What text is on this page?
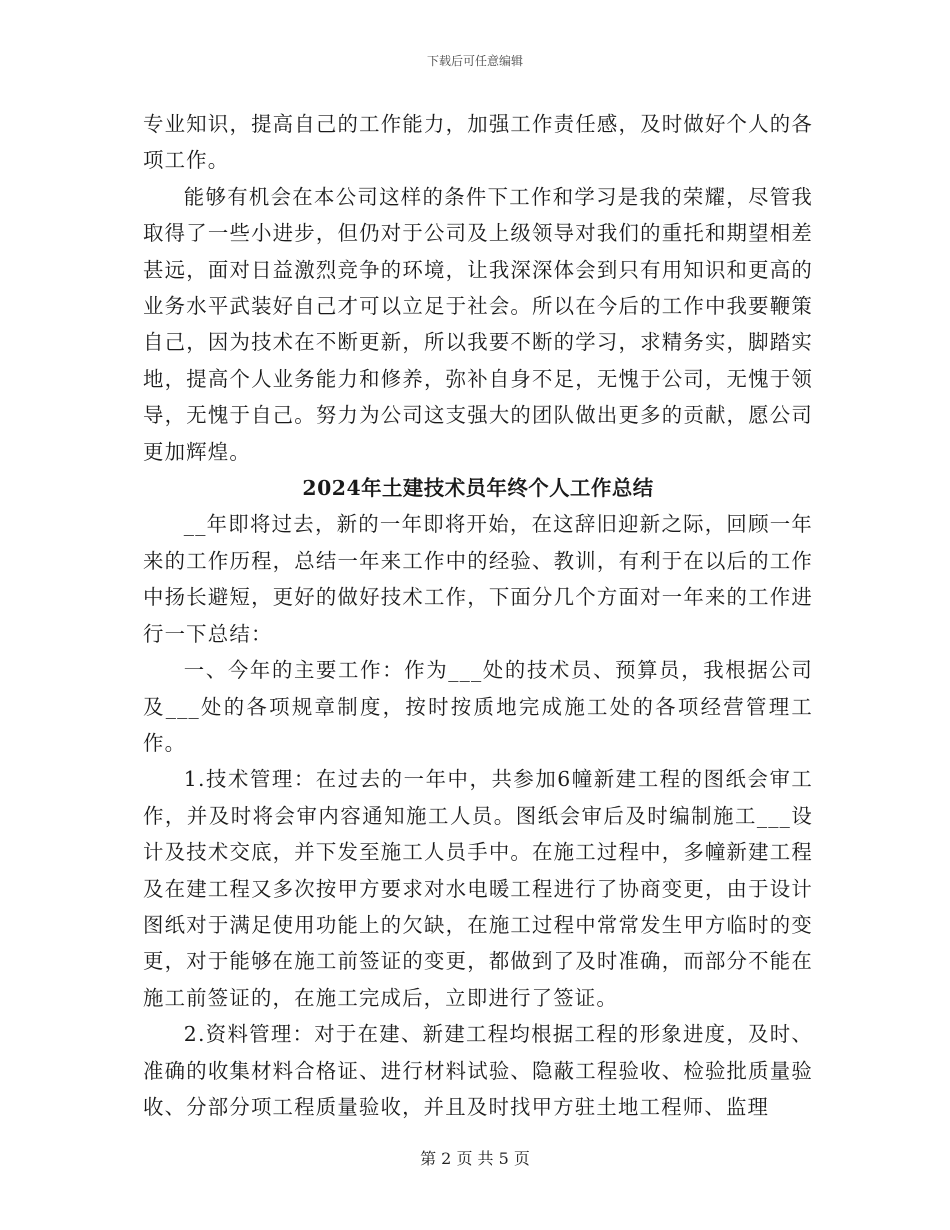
下载后可任意编辑

专业知识，提高自己的工作能力，加强工作责任感，及时做好个人的各项工作。

能够有机会在本公司这样的条件下工作和学习是我的荣耀，尽管我取得了一些小进步，但仍对于公司及上级领导对我们的重托和期望相差甚远，面对日益激烈竞争的环境，让我深深体会到只有用知识和更高的业务水平武装好自己才可以立足于社会。所以在今后的工作中我要鞭策自己，因为技术在不断更新，所以我要不断的学习，求精务实，脚踏实地，提高个人业务能力和修养，弥补自身不足，无愧于公司，无愧于领导，无愧于自己。努力为公司这支强大的团队做出更多的贡献，愿公司更加辉煌。

2024年土建技术员年终个人工作总结

__年即将过去，新的一年即将开始，在这辞旧迎新之际，回顾一年来的工作历程，总结一年来工作中的经验、教训，有利于在以后的工作中扬长避短，更好的做好技术工作，下面分几个方面对一年来的工作进行一下总结：

一、今年的主要工作：作为___处的技术员、预算员，我根据公司及___处的各项规章制度，按时按质地完成施工处的各项经营管理工作。

1.技术管理：在过去的一年中，共参加6幢新建工程的图纸会审工作，并及时将会审内容通知施工人员。图纸会审后及时编制施工___设计及技术交底，并下发至施工人员手中。在施工过程中，多幢新建工程及在建工程又多次按甲方要求对水电暖工程进行了协商变更，由于设计图纸对于满足使用功能上的欠缺，在施工过程中常常发生甲方临时的变更，对于能够在施工前签证的变更，都做到了及时准确，而部分不能在施工前签证的，在施工完成后，立即进行了签证。

2.资料管理：对于在建、新建工程均根据工程的形象进度，及时、准确的收集材料合格证、进行材料试验、隐蔽工程验收、检验批质量验收、分部分项工程质量验收，并且及时找甲方驻土地工程师、监理

第 2 页 共 5 页
